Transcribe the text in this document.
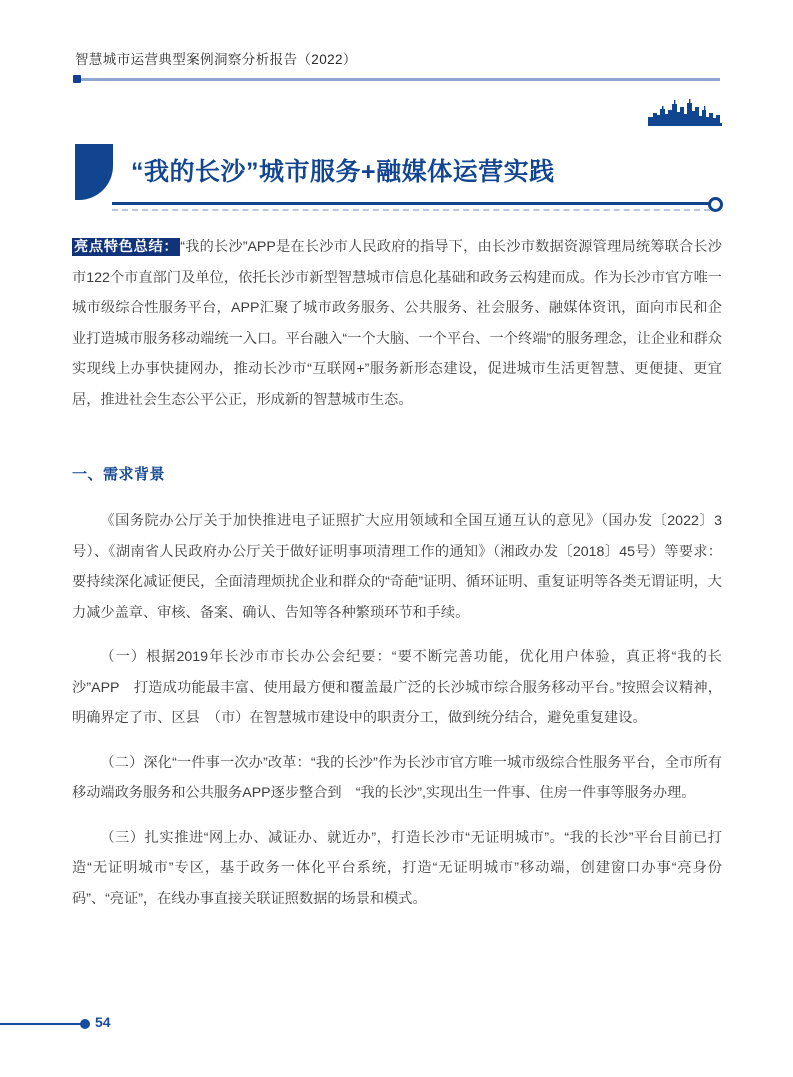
智慧城市运营典型案例洞察分析报告（2022）
“我的长沙”城市服务+融媒体运营实践

亮点特色总结： “我的长沙”APP是在长沙市人民政府的指导下，由长沙市数据资源管理局统筹联合长沙市122个市直部门及单位，依托长沙市新型智慧城市信息化基础和政务云构建而成。作为长沙市官方唯一城市级综合性服务平台，APP汇聚了城市政务服务、公共服务、社会服务、融媒体资讯，面向市民和企业打造城市服务移动端统一入口。平台融入“一个大脑、一个平台、一个终端”的服务理念，让企业和群众实现线上办事快捷网办，推动长沙市“互联网+”服务新形态建设，促进城市生活更智慧、更便捷、更宜居，推进社会生态公平公正，形成新的智慧城市生态。

一、需求背景

《国务院办公厅关于加快推进电子证照扩大应用领域和全国互通互认的意见》（国办发〔2022〕3号）、《湖南省人民政府办公厅关于做好证明事项清理工作的通知》（湘政办发〔2018〕45号）等要求：要持续深化减证便民，全面清理烦扰企业和群众的“奇葩”证明、循环证明、重复证明等各类无谓证明，大力减少盖章、审核、备案、确认、告知等各种繁琐环节和手续。

（一）根据2019年长沙市市长办公会纪要：“要不断完善功能，优化用户体验，真正将“我的长沙”APP　打造成功能最丰富、使用最方便和覆盖最广泛的长沙城市综合服务移动平台。”按照会议精神，明确界定了市、区县　（市）在智慧城市建设中的职责分工，做到统分结合，避免重复建设。

（二）深化“一件事一次办”改革：“我的长沙”作为长沙市官方唯一城市级综合性服务平台，全市所有移动端政务服务和公共服务APP逐步整合到　“我的长沙”,实现出生一件事、住房一件事等服务办理。

（三）扎实推进“网上办、减证办、就近办”，打造长沙市“无证明城市”。“我的长沙”平台目前已打造“无证明城市”专区，基于政务一体化平台系统，打造“无证明城市”移动端，创建窗口办事“亮身份码”、“亮证”，在线办事直接关联证照数据的场景和模式。

54
